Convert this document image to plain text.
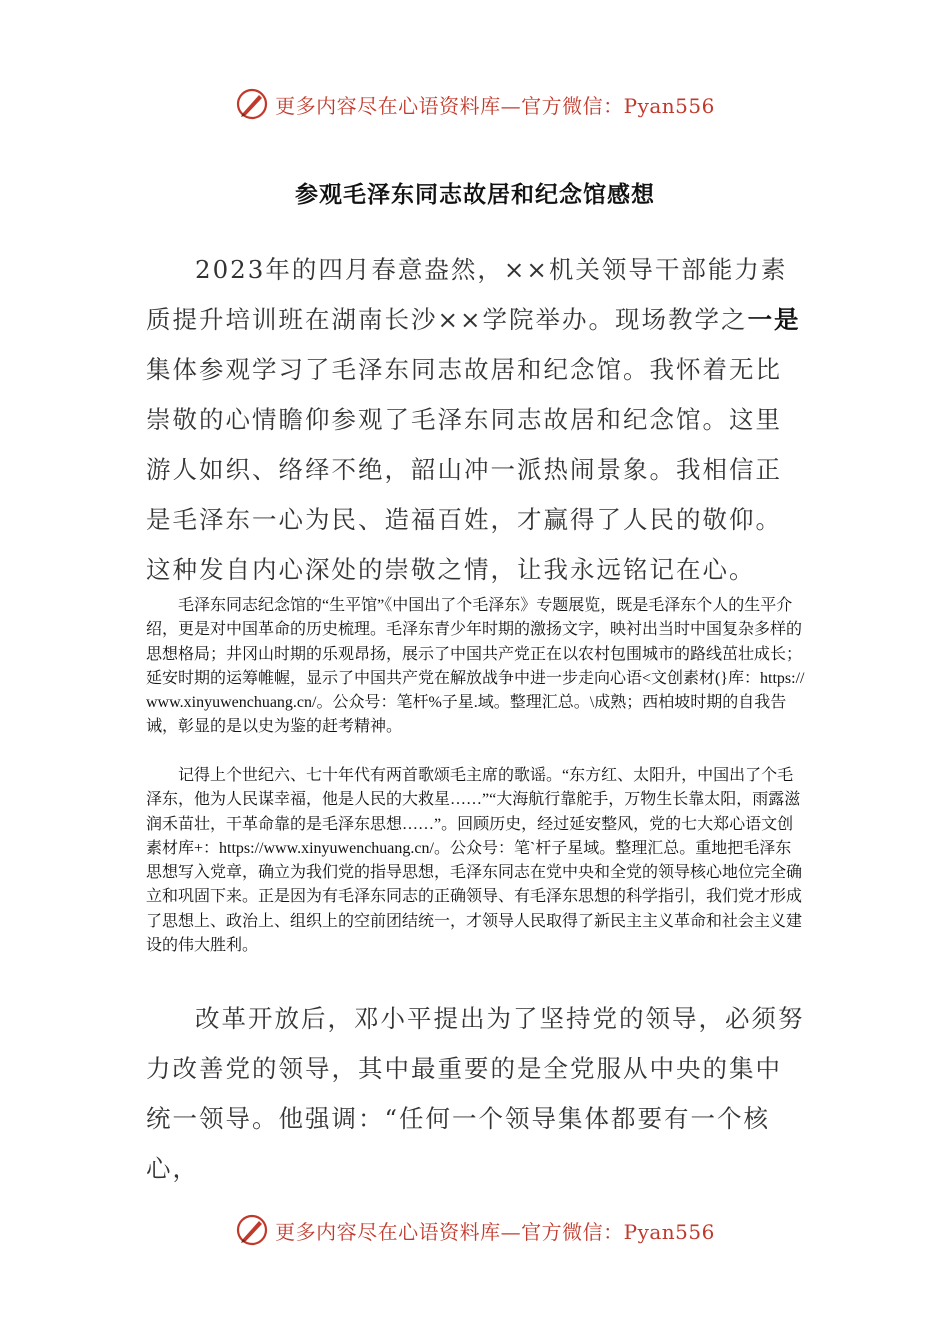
更多内容尽在心语资料库—官方微信：Pyan556
参观毛泽东同志故居和纪念馆感想

2023年的四月春意盎然，××机关领导干部能力素质提升培训班在湖南长沙××学院举办。现场教学之一是集体参观学习了毛泽东同志故居和纪念馆。我怀着无比崇敬的心情瞻仰参观了毛泽东同志故居和纪念馆。这里游人如织、络绎不绝，韶山冲一派热闹景象。我相信正是毛泽东一心为民、造福百姓，才赢得了人民的敬仰。这种发自内心深处的崇敬之情，让我永远铭记在心。

毛泽东同志纪念馆的“生平馆”《中国出了个毛泽东》专题展览，既是毛泽东个人的生平介绍，更是对中国革命的历史梳理。毛泽东青少年时期的激扬文字，映衬出当时中国复杂多样的思想格局；井冈山时期的乐观昂扬，展示了中国共产党正在以农村包围城市的路线茁壮成长；延安时期的运筹帷幄，显示了中国共产党在解放战争中进一步走向心语<文创素材(}库：https://www.xinyuwenchuang.cn/。公众号：笔杆%子星.域。整理汇总。\成熟；西柏坡时期的自我告诫，彰显的是以史为鉴的赶考精神。

记得上个世纪六、七十年代有两首歌颂毛主席的歌谣。“东方红、太阳升，中国出了个毛泽东，他为人民谋幸福，他是人民的大救星……”“大海航行靠舵手，万物生长靠太阳，雨露滋润禾苗壮，干革命靠的是毛泽东思想……”。回顾历史，经过延安整风，党的七大郑心语文创素材库+：https://www.xinyuwenchuang.cn/。公众号：笔`杆子星域。整理汇总。重地把毛泽东思想写入党章，确立为我们党的指导思想，毛泽东同志在党中央和全党的领导核心地位完全确立和巩固下来。正是因为有毛泽东同志的正确领导、有毛泽东思想的科学指引，我们党才形成了思想上、政治上、组织上的空前团结统一，才领导人民取得了新民主主义革命和社会主义建设的伟大胜利。

改革开放后，邓小平提出为了坚持党的领导，必须努力改善党的领导，其中最重要的是全党服从中央的集中统一领导。他强调：“任何一个领导集体都要有一个核心，

更多内容尽在心语资料库—官方微信：Pyan556
